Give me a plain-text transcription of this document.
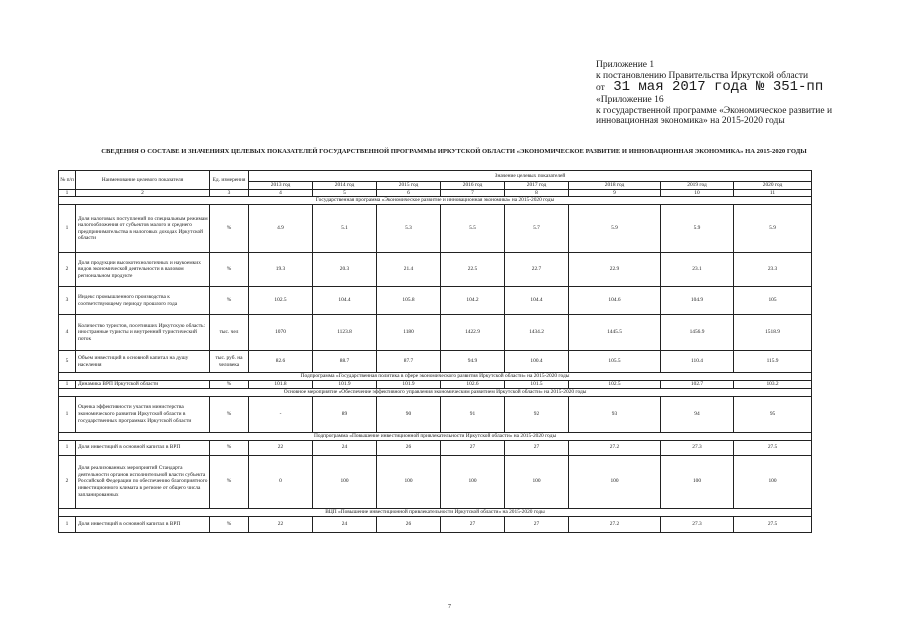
Приложение 1
к постановлению Правительства Иркутской области
от 31 мая 2017 года № 351-пп
«Приложение 16
к государственной программе «Экономическое развитие и инновационная экономика» на 2015-2020 годы
СВЕДЕНИЯ О СОСТАВЕ И ЗНАЧЕНИЯХ ЦЕЛЕВЫХ ПОКАЗАТЕЛЕЙ ГОСУДАРСТВЕННОЙ ПРОГРАММЫ ИРКУТСКОЙ ОБЛАСТИ «ЭКОНОМИЧЕСКОЕ РАЗВИТИЕ И ИННОВАЦИОННАЯ ЭКОНОМИКА» НА 2015-2020 ГОДЫ
№ п/п	Наименование целевого показателя	Ед. измерения	Значение целевых показателей							
			2013 год	2014 год	2015 год	2016 год	2017 год	2018 год	2019 год	2020 год
1	2	3	4	5	6	7	8	9	10	11
Государственная программа «Экономическое развитие и инновационная экономика» на 2015-2020 годы										
1	Доля налоговых поступлений по специальным режимам налогообложения от субъектов малого и среднего предпринимательства в налоговых доходах Иркутской области	%	4.9	5.1	5.3	5.5	5.7	5.9	5.9	5.9
2	Доля продукции высокотехнологичных и наукоемких видов экономической деятельности в валовом региональном продукте	%	19.3	20.3	21.4	22.5	22.7	22.9	23.1	23.3
3	Индекс промышленного производства к соответствующему периоду прошлого года	%	102.5	104.4	105.8	104.2	104.4	104.6	104.9	105
4	Количество туристов, посетивших Иркутскую область: иностранные туристы и внутренний туристический поток	тыс. чел	1070	1123.8	1180	1422.9	1434.2	1445.5	1456.9	1518.9
5	Объем инвестиций в основной капитал на душу населения	тыс. руб. на человека	82.6	88.7	87.7	94.9	100.4	105.5	110.4	115.9
Подпрограмма «Государственная политика в сфере экономического развития Иркутской области» на 2015-2020 годы										
1	Динамика ВРП Иркутской области	%	101.8	101.9	101.9	102.6	101.5	102.5	102.7	103.2
Основное мероприятие «Обеспечение эффективного управления экономическим развитием Иркутской области» на 2015-2020 годы										
1	Оценка эффективности участия министерства экономического развития Иркутской области в государственных программах Иркутской области	%	-	89	90	91	92	93	94	95
Подпрограмма «Повышение инвестиционной привлекательности Иркутской области» на 2015-2020 годы										
1	Доля инвестиций в основной капитал в ВРП	%	22	24	26	27	27	27.2	27.3	27.5
2	Доля реализованных мероприятий Стандарта деятельности органов исполнительной власти субъекта Российской Федерации по обеспечению благоприятного инвестиционного климата в регионе от общего числа запланированных	%	0	100	100	100	100	100	100	100
ВЦП «Повышение инвестиционной привлекательности Иркутской области» на 2015-2020 годы										
1	Доля инвестиций в основной капитал в ВРП	%	22	24	26	27	27	27.2	27.3	27.5
7
